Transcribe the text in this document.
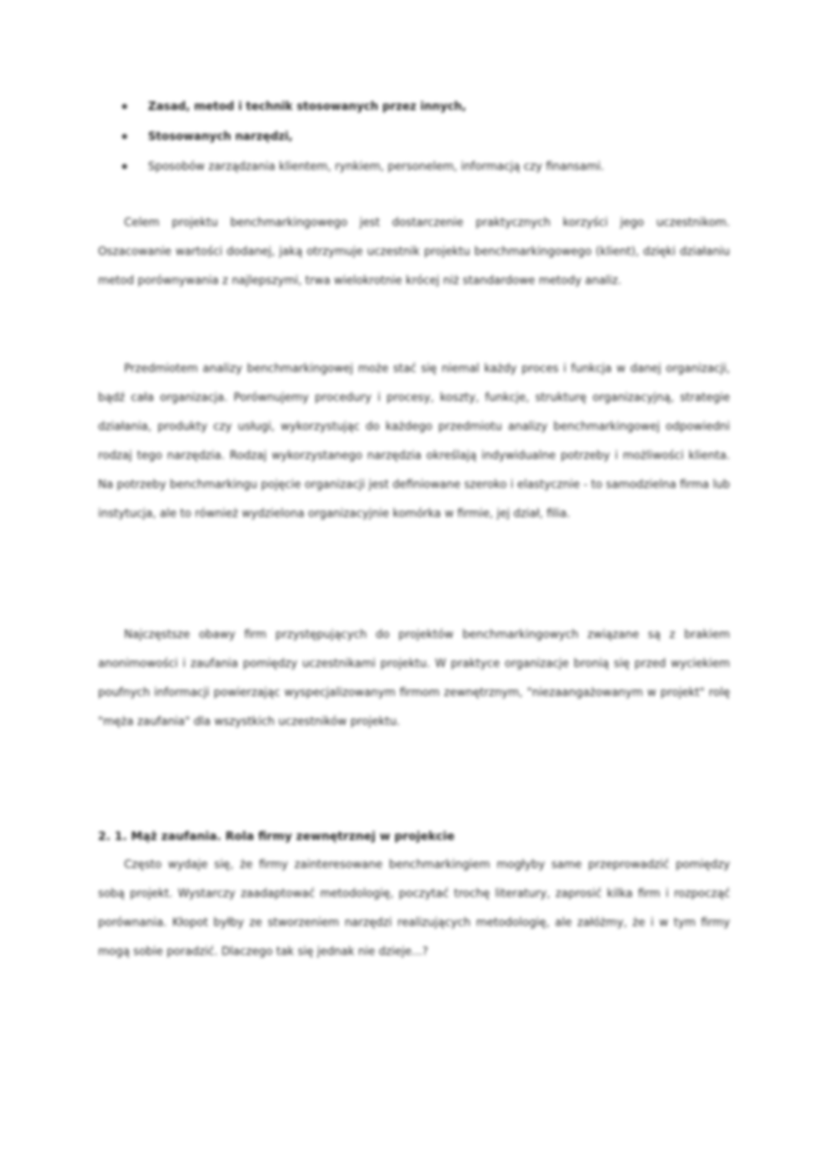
Zasad, metod i technik stosowanych przez innych,
Stosowanych narzędzi,
Sposobów zarządzania klientem, rynkiem, personelem, informacją czy finansami.

Celem projektu benchmarkingowego jest dostarczenie praktycznych korzyści jego uczestnikom. Oszacowanie wartości dodanej, jaką otrzymuje uczestnik projektu benchmarkingowego (klient), dzięki działaniu metod porównywania z najlepszymi, trwa wielokrotnie krócej niż standardowe metody analiz.

Przedmiotem analizy benchmarkingowej może stać się niemal każdy proces i funkcja w danej organizacji, bądź cała organizacja. Porównujemy procedury i procesy, koszty, funkcje, strukturę organizacyjną, strategie działania, produkty czy usługi, wykorzystując do każdego przedmiotu analizy benchmarkingowej odpowiedni rodzaj tego narzędzia. Rodzaj wykorzystanego narzędzia określają indywidualne potrzeby i możliwości klienta. Na potrzeby benchmarkingu pojęcie organizacji jest definiowane szeroko i elastycznie - to samodzielna firma lub instytucja, ale to również wydzielona organizacyjnie komórka w firmie, jej dział, filia.

Najczęstsze obawy firm przystępujących do projektów benchmarkingowych związane są z brakiem anonimowości i zaufania pomiędzy uczestnikami projektu. W praktyce organizacje bronią się przed wyciekiem poufnych informacji powierzając wyspecjalizowanym firmom zewnętrznym, "niezaangażowanym w projekt" rolę "męża zaufania" dla wszystkich uczestników projektu.

2. 1. Mąż zaufania. Rola firmy zewnętrznej w projekcie

Często wydaje się, że firmy zainteresowane benchmarkingiem mogłyby same przeprowadzić pomiędzy sobą projekt. Wystarczy zaadaptować metodologię, poczytać trochę literatury, zaprosić kilka firm i rozpocząć porównania. Kłopot byłby ze stworzeniem narzędzi realizujących metodologię, ale załóżmy, że i w tym firmy mogą sobie poradzić. Dlaczego tak się jednak nie dzieje...?
